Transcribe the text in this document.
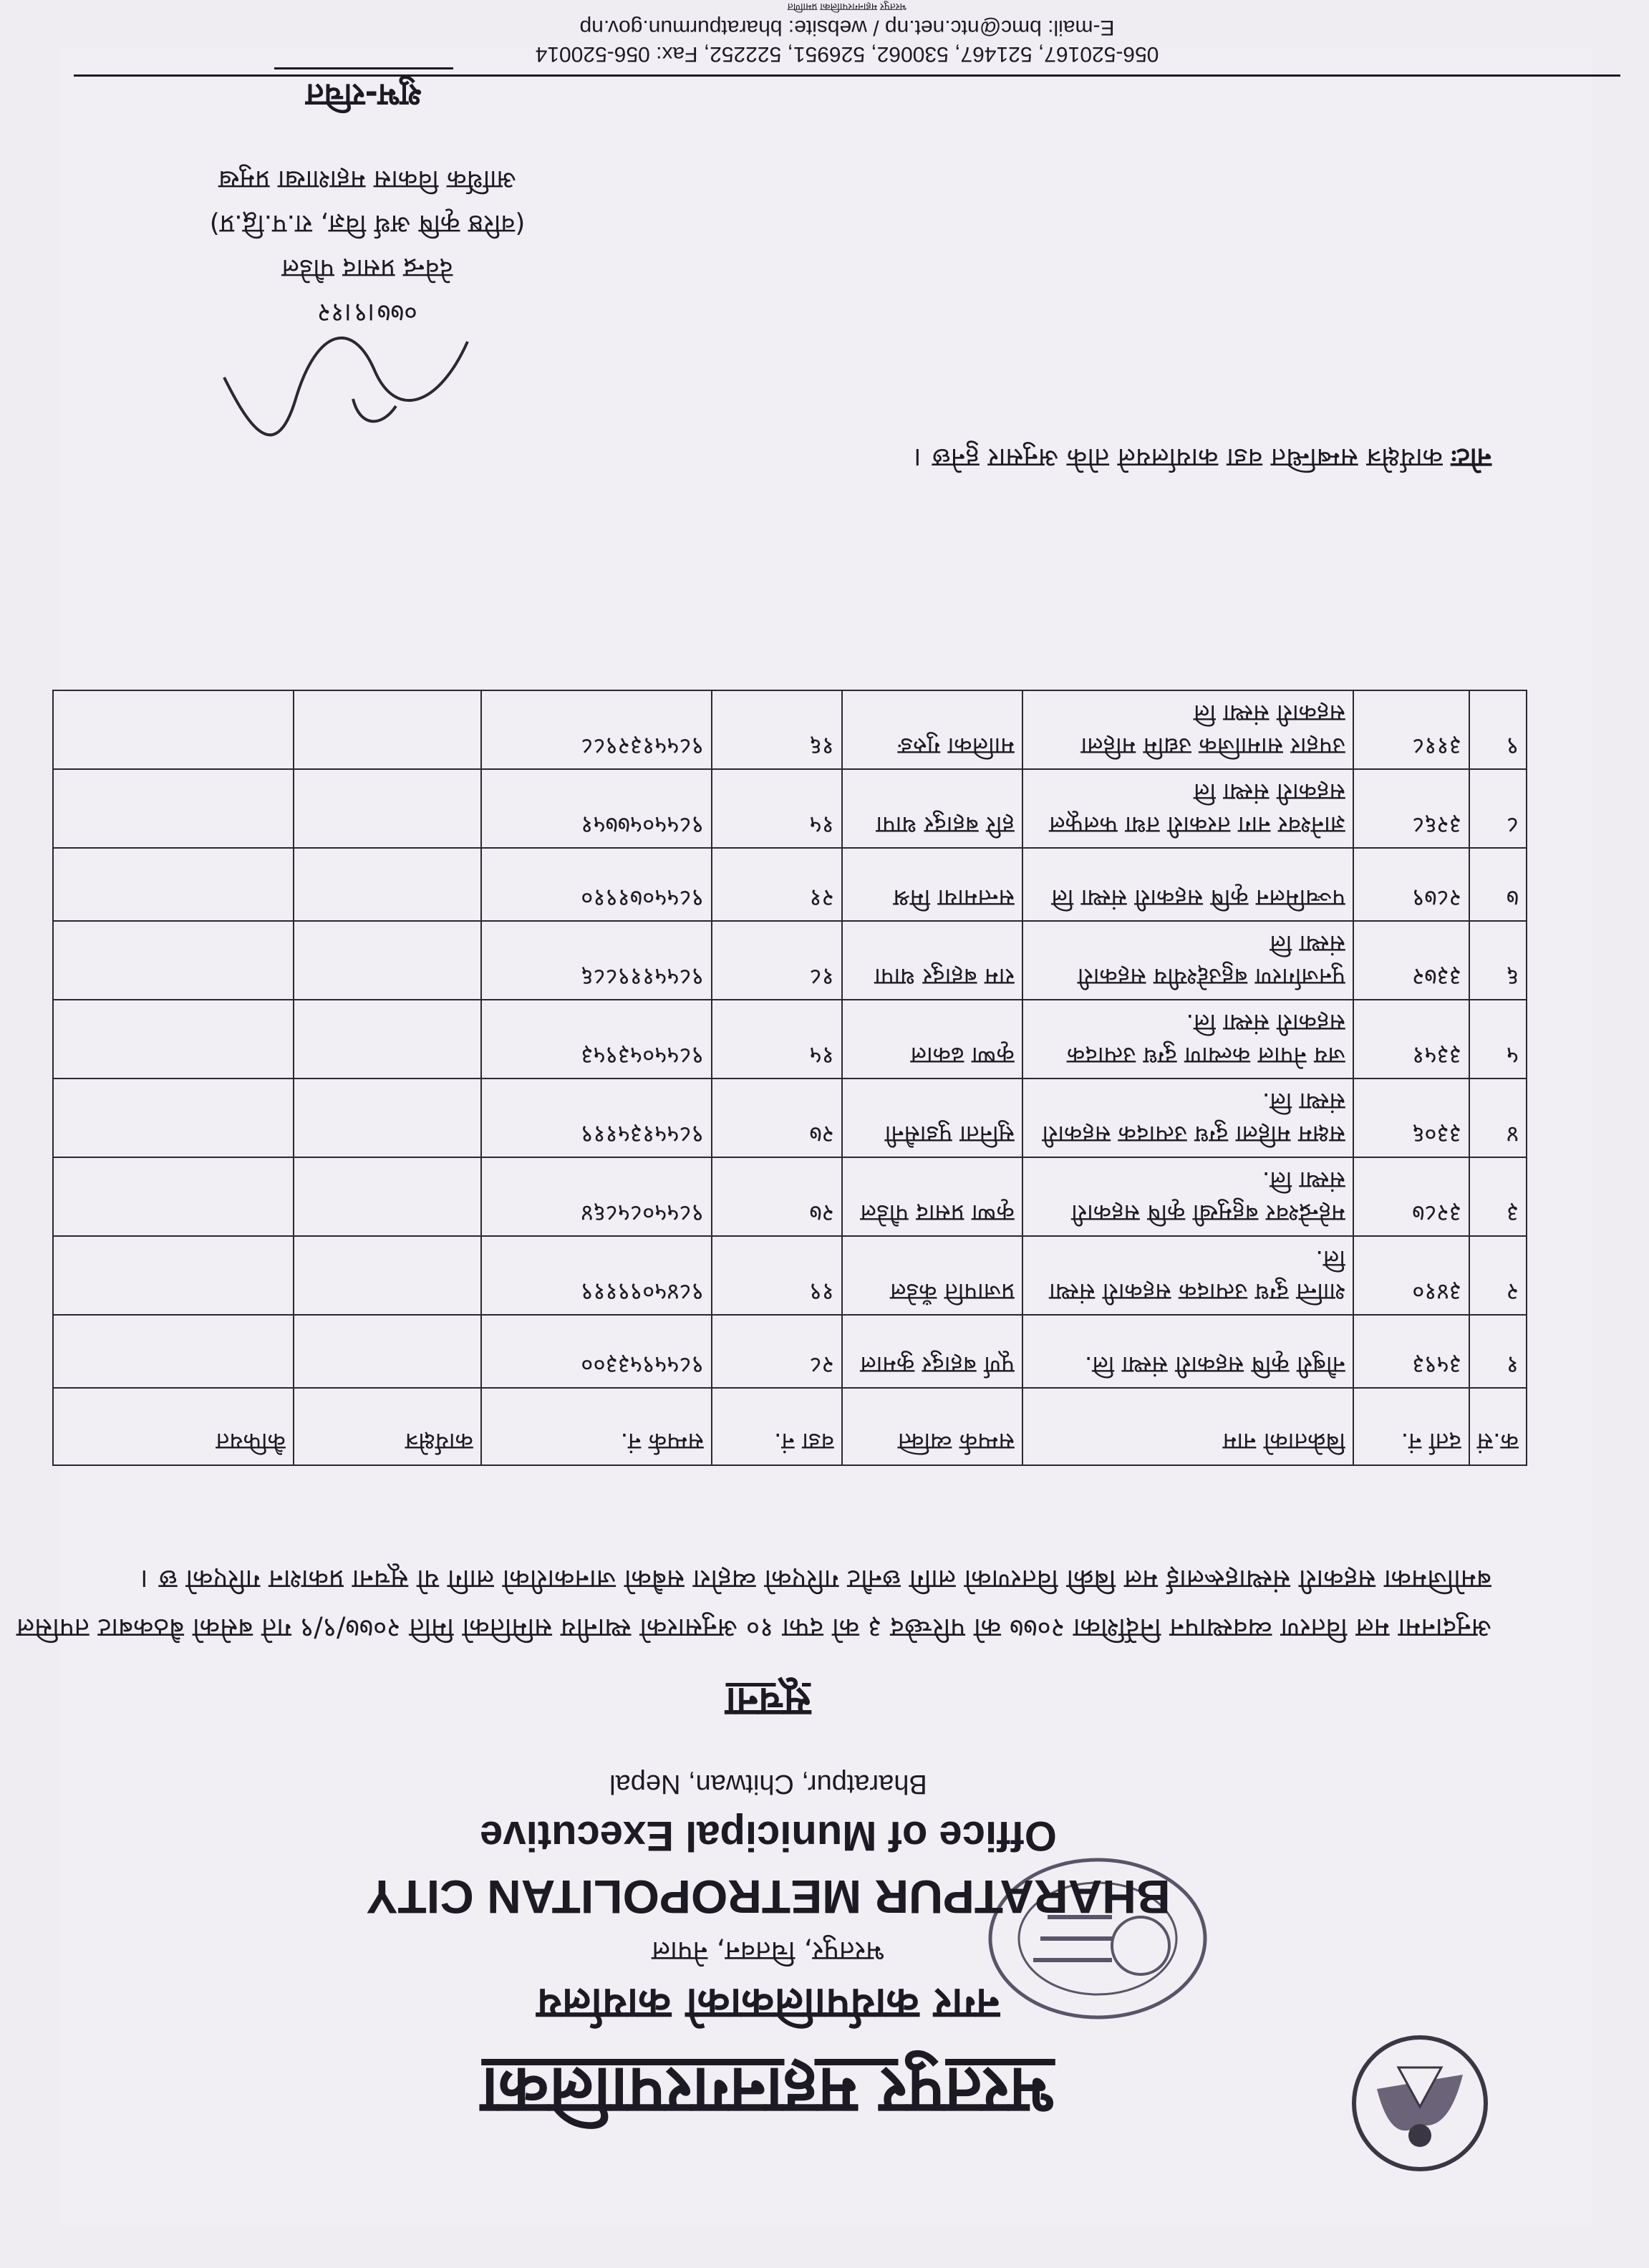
भरतपुर महानगरपालिका
नगर कार्यपालिकाको कार्यालय
भरतपुर, चितवन, नेपाल
BHARATPUR METROPOLITAN CITY
Office of Municipal Executive
Bharatpur, Chitwan, Nepal
सूचना
अनुदानमा मल वितरण व्यवस्थापन निर्देशिका २०७७ को परिच्छेद ३ को दफा १० अनुसारको स्थानीय समितिको मिति २०७७/९/९ गते बसेको बैठकबाट तपसिल बमोजिमका सहकारी संस्थाहरूलाई मल बिक्री वितरणको लागि छनौट गरिएको व्यहोरा सबैको जानकारीको लागि यो सूचना प्रकाशन गरिएको छ ।
क.सं	दर्ता नं.	बिक्रेताको नाम	सम्पर्क व्यक्ति	वडा नं.	सम्पर्क नं.	कार्यक्षेत्र	कैफियत
१	३५९३	नौबुरी कृषि सहकारी संस्था लि.	पूर्ण बहादुर कुमाल	२८	९८५५९५३३००		
२	३४१०	शान्ति दुग्ध उत्पादक सहकारी संस्था लि.	प्रजापति कँडेल	१९	९८४५०९९११९		
३	३२८७	महेन्द्रेश्वर बहुमुखी कृषि सहकारी संस्था लि.	कृष्ण प्रसाद पौडेल	२७	९८५५०८५८६४		
४	३३०६	सक्षम महिला दुग्ध उत्पादक सहकारी संस्था लि.	सुनिता पुडासैनी	२७	९८५५१३५११९		
५	३३५१	जय नेपाल कल्याण दुग्ध उत्पादक सहकारी संस्था लि.	कृष्ण ढकाल	१५	९८५५०५३९५३		
६	३३७२	पुनर्जागरण बहुउद्देश्यीय सहकारी संस्था लि	राम बहादुर थापा	१८	९८५५११९८८६		
७	२८७९	पञ्चमिलन कृषि सहकारी संस्था लि	सन्तमाया मिश्र	२१	९८५५०७१९१०		
८	३२६८	ज्ञानेश्वर नाग तरकारी तथा फलफूल सहकारी संस्था लि	हरि बहादुर थापा	१५	९८५५०५७७५१		
९	३११८	उपहार सामाजिक उद्यमि महिला सहकारी संस्था लि	मालिका गुरुङ	१६	९८५५१३२९८८		
नोटः कार्यक्षेत्र सम्बन्धित वडा कार्यालयले तोके अनुसार हुनेछ ।
०७७।९।१२
देवेन्द्र प्रसाद पौडेल
(वरिष्ठ कृषि अर्थ विज्ञ, रा.प.द्वि.प्र)
आर्थिक विकास महाशाखा प्रमुख
शुभ-रचित
056-520167, 521467, 530062, 526951, 522252, Fax: 056-520014
E-mail: bmc@ntc.net.np / website: bharatpurmun.gov.np
भरतपुर महानगरपालिका प्रमाणित
